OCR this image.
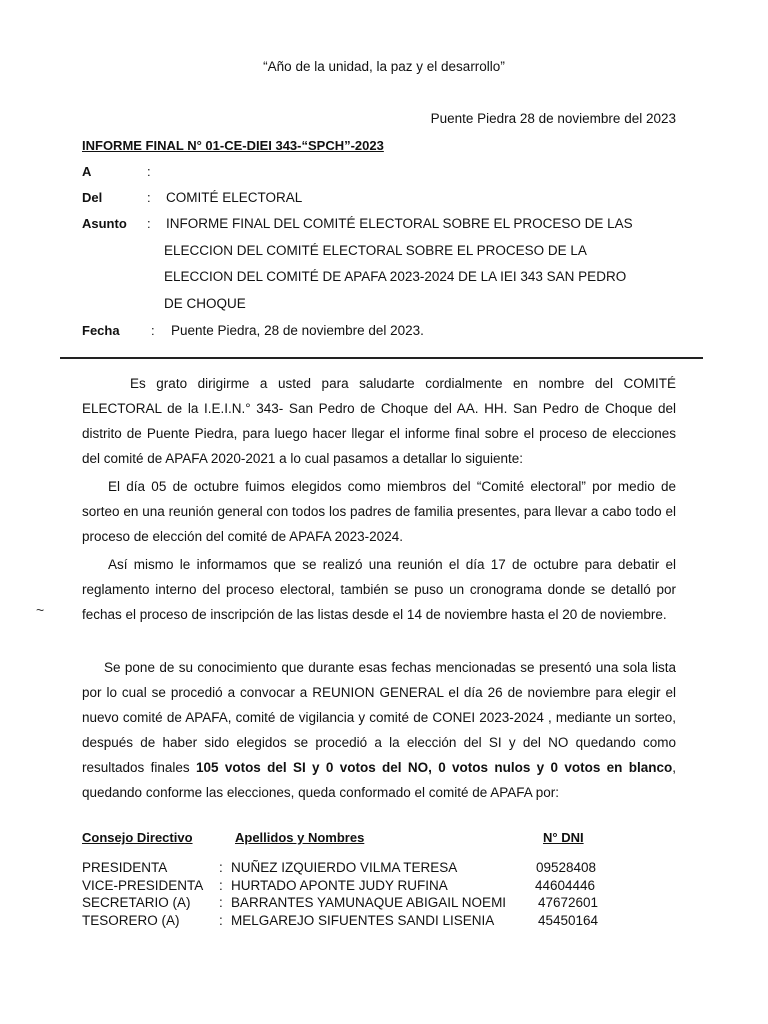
“Año de la unidad, la paz y el desarrollo”
Puente Piedra 28 de noviembre del 2023
INFORME FINAL N° 01-CE-DIEI 343-“SPCH”-2023
A	:
Del	: COMITÉ ELECTORAL
Asunto : INFORME FINAL DEL COMITÉ ELECTORAL SOBRE EL PROCESO DE LAS
ELECCION DEL COMITÉ ELECTORAL SOBRE EL PROCESO DE LA
ELECCION DEL COMITÉ DE APAFA 2023-2024 DE LA IEI 343 SAN PEDRO
DE CHOQUE
Fecha : Puente Piedra, 28 de noviembre del 2023.

Es grato dirigirme a usted para saludarte cordialmente en nombre del COMITÉ ELECTORAL de la I.E.I.N.° 343- San Pedro de Choque del AA. HH. San Pedro de Choque del distrito de Puente Piedra, para luego hacer llegar el informe final sobre el proceso de elecciones del comité de APAFA 2020-2021 a lo cual pasamos a detallar lo siguiente:

El día 05 de octubre fuimos elegidos como miembros del “Comité electoral” por medio de sorteo en una reunión general con todos los padres de familia presentes, para llevar a cabo todo el proceso de elección del comité de APAFA 2023-2024.

Así mismo le informamos que se realizó una reunión el día 17 de octubre para debatir el reglamento interno del proceso electoral, también se puso un cronograma donde se detalló por fechas el proceso de inscripción de las listas desde el 14 de noviembre hasta el 20 de noviembre.

Se pone de su conocimiento que durante esas fechas mencionadas se presentó una sola lista por lo cual se procedió a convocar a REUNION GENERAL el día 26 de noviembre para elegir el nuevo comité de APAFA, comité de vigilancia y comité de CONEI 2023-2024 , mediante un sorteo, después de haber sido elegidos se procedió a la elección del SI y del NO quedando como resultados finales 105 votos del SI y 0 votos del NO, 0 votos nulos y 0 votos en blanco, quedando conforme las elecciones, queda conformado el comité de APAFA por:

~
Consejo Directivo	Apellidos y Nombres	N° DNI
PRESIDENTA	: NUÑEZ IZQUIERDO VILMA TERESA	09528408
VICE-PRESIDENTA : HURTADO APONTE JUDY RUFINA	44604446
SECRETARIO (A) : BARRANTES YAMUNAQUE ABIGAIL NOEMI 47672601
TESORERO (A)	: MELGAREJO SIFUENTES SANDI LISENIA	45450164
